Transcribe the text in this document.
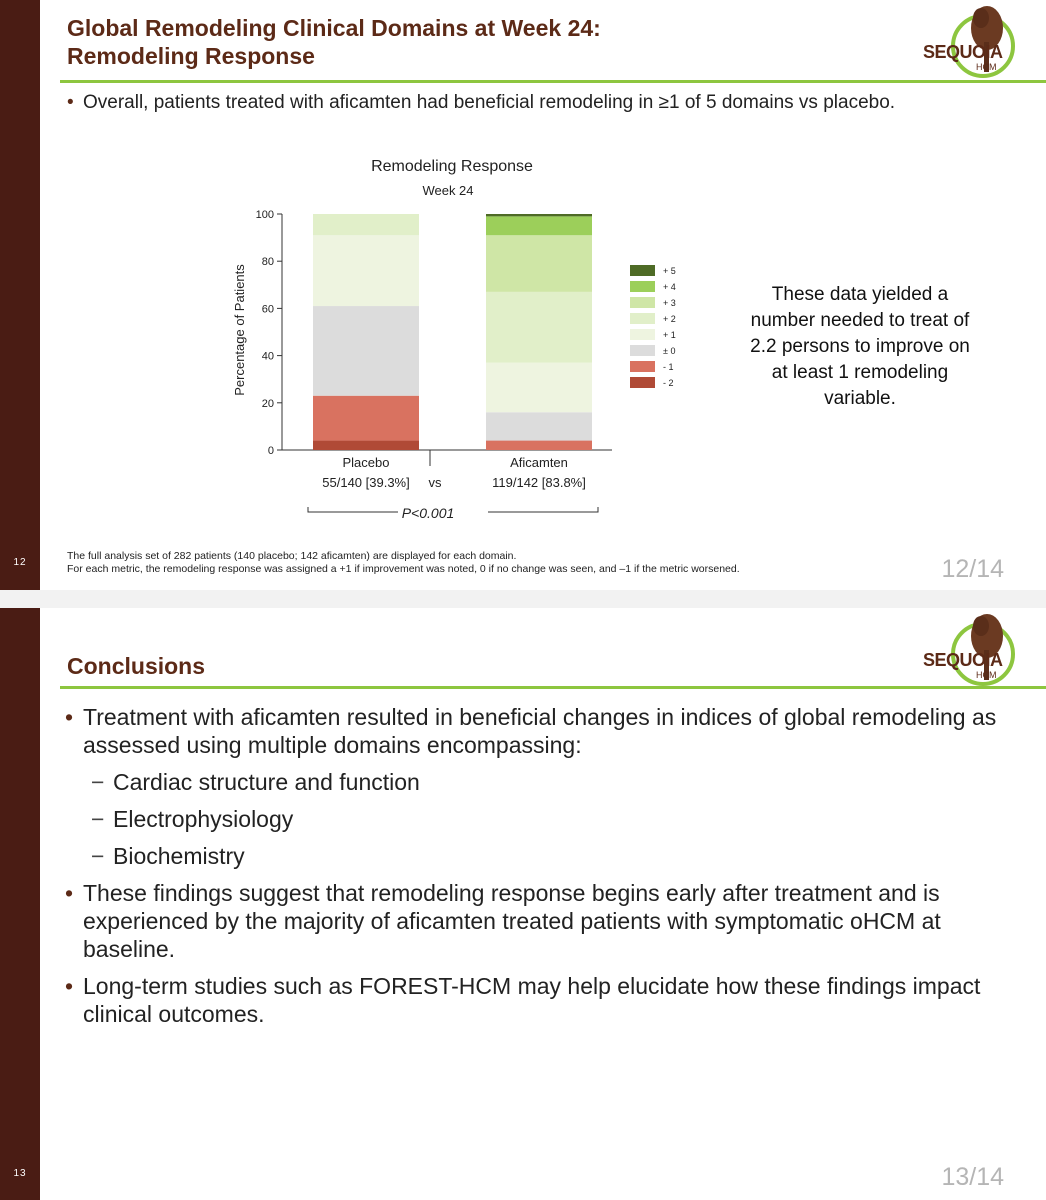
12
Global Remodeling Clinical Domains at Week 24:
Remodeling Response	SEQUOIA
HCM
• Overall, patients treated with aficamten had beneficial remodeling in ≥1 of 5 domains vs placebo.
Remodeling Response
Week 24
Percentage of Patients
vs
P<0.001
0
20
40
60
80
100
Placebo
55/140 [39.3%]
Aficamten
119/142 [83.8%]
+ 5
+ 4
+ 3
+ 2
+ 1
± 0
- 1
- 2
These data yielded a number needed to treat of 2.2 persons to improve on at least 1 remodeling variable.
The full analysis set of 282 patients (140 placebo; 142 aficamten) are displayed for each domain.
For each metric, the remodeling response was assigned a +1 if improvement was noted, 0 if no change was seen, and –1 if the metric worsened.	12/14
13
Conclusions	SEQUOIA
HCM
• Treatment with aficamten resulted in beneficial changes in indices of global remodeling as assessed using multiple domains encompassing:
− Cardiac structure and function
− Electrophysiology
− Biochemistry
• These findings suggest that remodeling response begins early after treatment and is experienced by the majority of aficamten treated patients with symptomatic oHCM at baseline.
• Long-term studies such as FOREST-HCM may help elucidate how these findings impact clinical outcomes.
13/14
